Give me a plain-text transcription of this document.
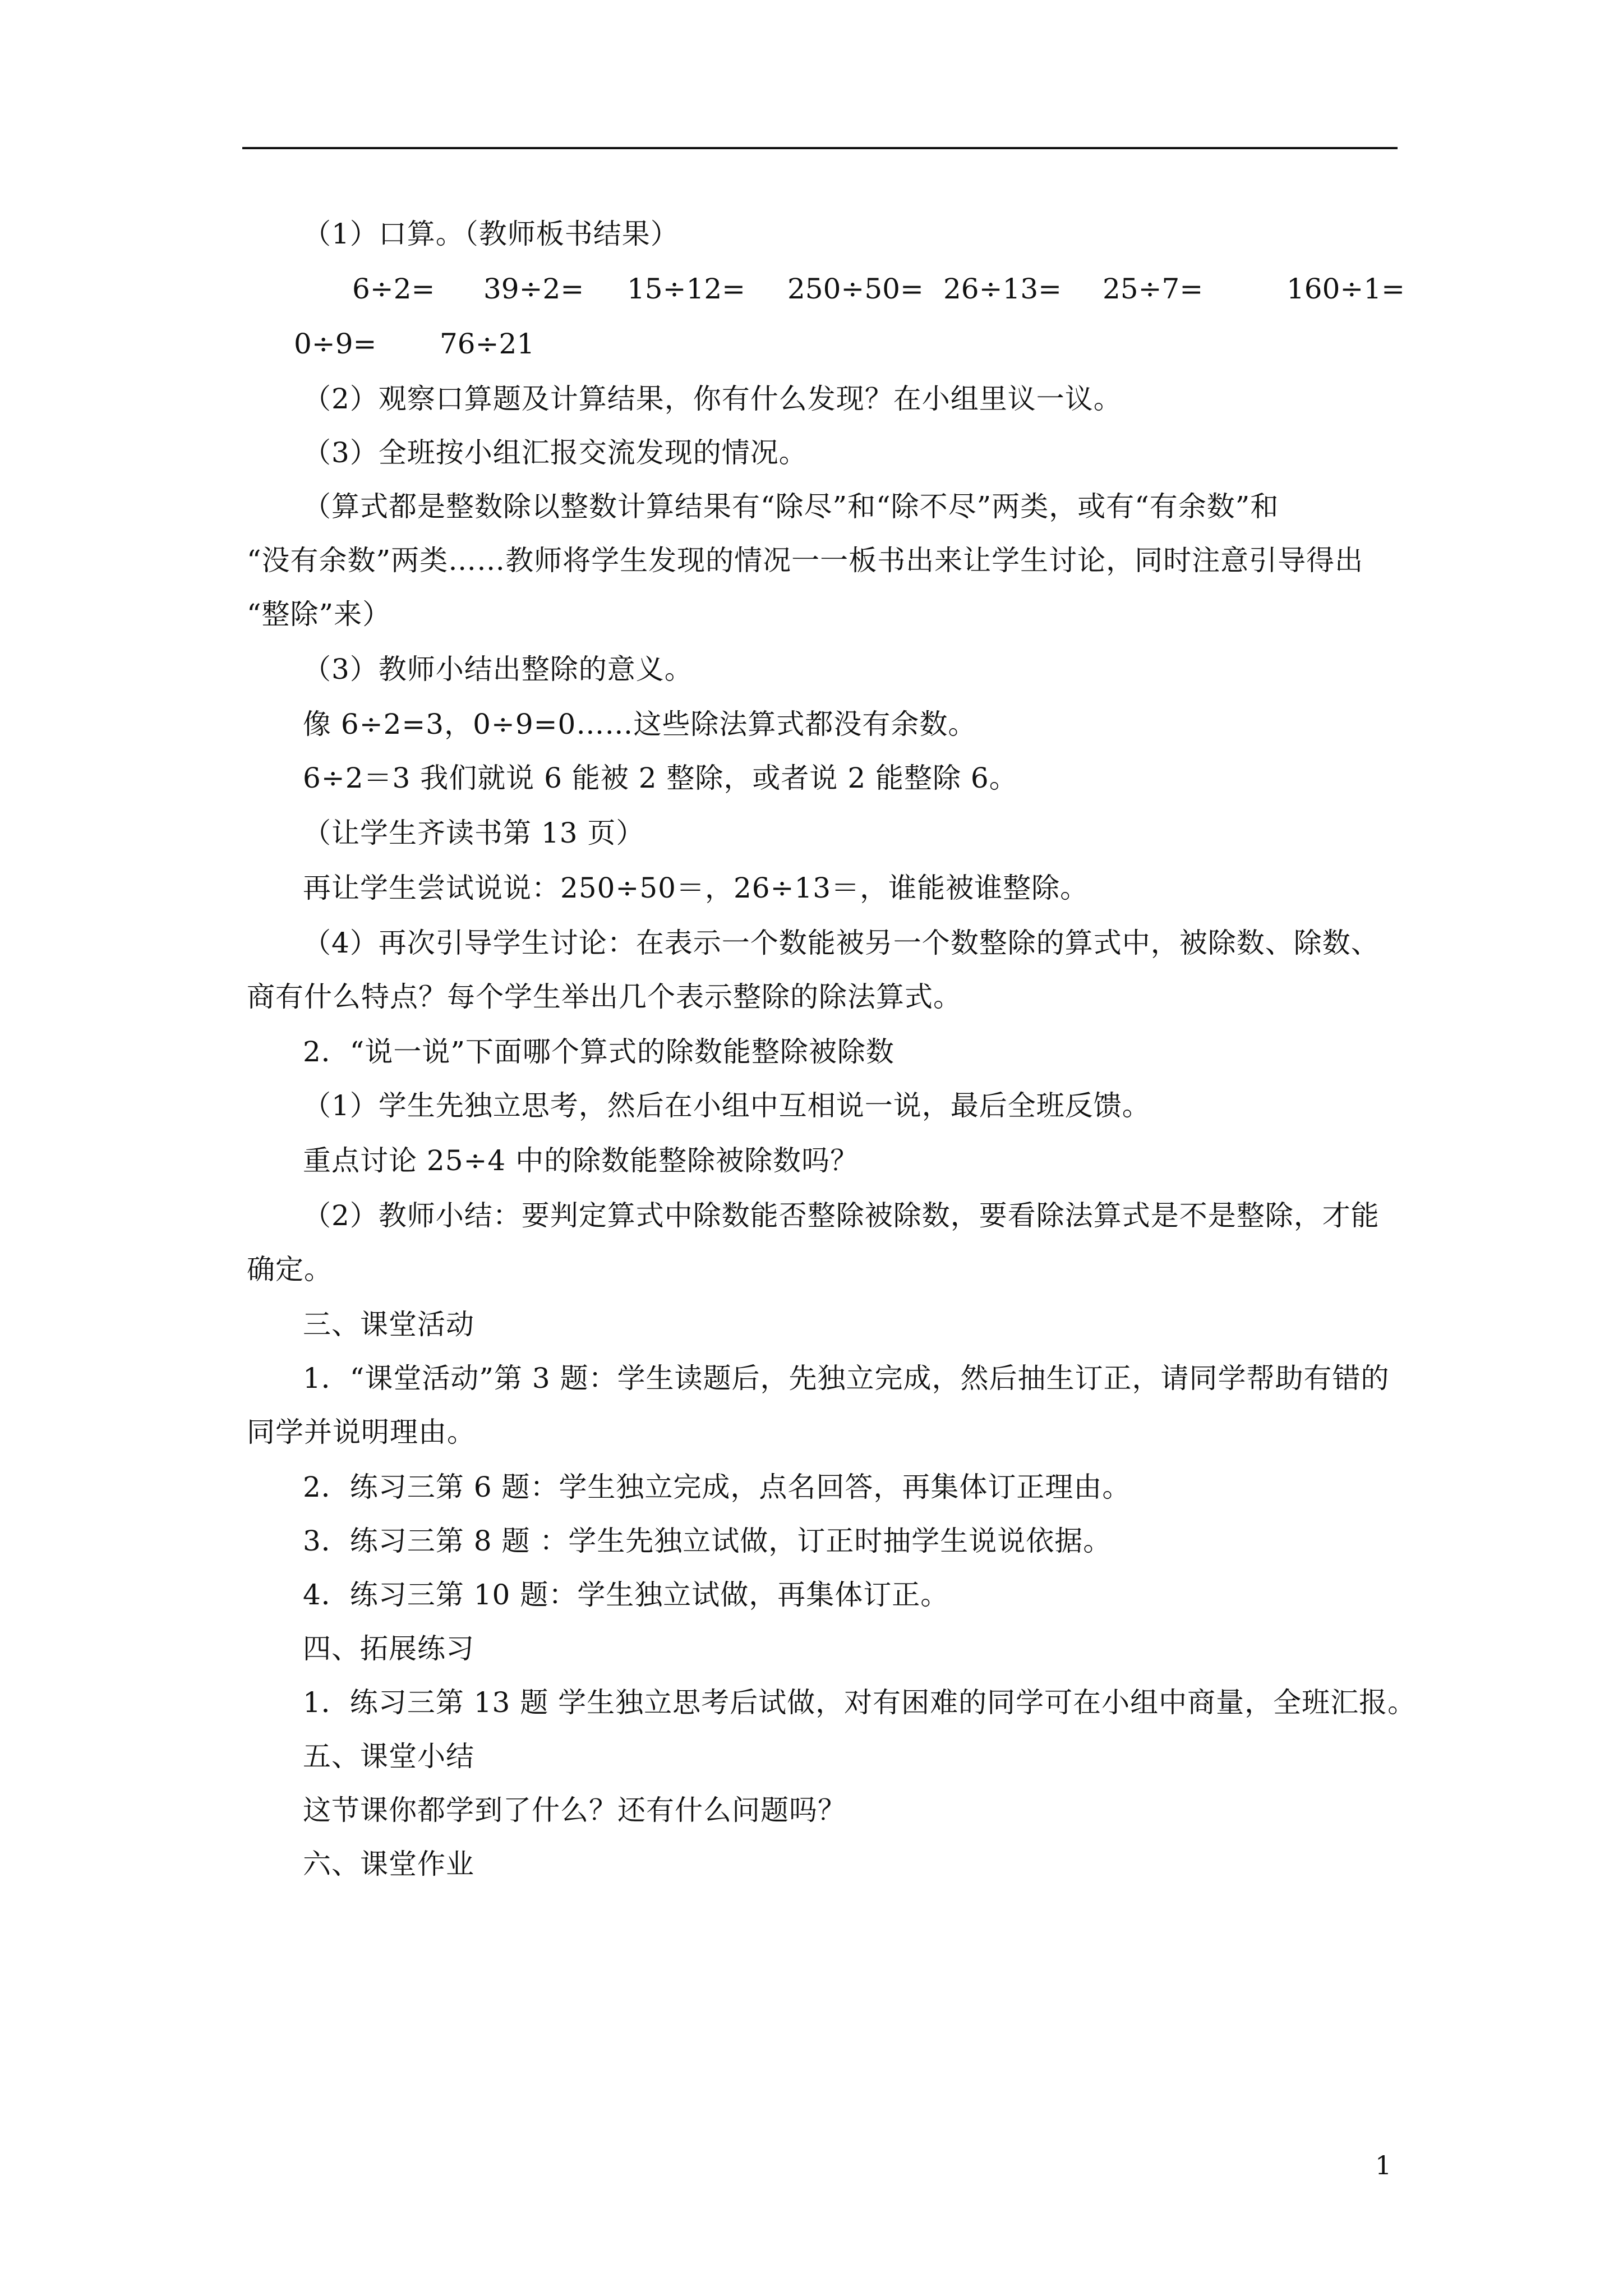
（1）口算。（教师板书结果）
6÷2= 39÷2= 15÷12= 250÷50= 26÷13= 25÷7=	160÷1=
0÷9= 76÷21
（2）观察口算题及计算结果，你有什么发现？在小组里议一议。
（3）全班按小组汇报交流发现的情况。
（算式都是整数除以整数计算结果有“除尽”和“除不尽”两类，或有“有余数”和
“没有余数”两类……教师将学生发现的情况一一板书出来让学生讨论，同时注意引导得出
“整除”来）
（3）教师小结出整除的意义。
像 6÷2=3，0÷9=0……这些除法算式都没有余数。
6÷2＝3 我们就说 6 能被 2 整除，或者说 2 能整除 6。
（让学生齐读书第 13 页）
再让学生尝试说说：250÷50＝，26÷13＝，谁能被谁整除。
（4）再次引导学生讨论：在表示一个数能被另一个数整除的算式中，被除数、除数、
商有什么特点？每个学生举出几个表示整除的除法算式。
2．“说一说”下面哪个算式的除数能整除被除数
（1）学生先独立思考，然后在小组中互相说一说，最后全班反馈。
重点讨论 25÷4 中的除数能整除被除数吗？
（2）教师小结：要判定算式中除数能否整除被除数，要看除法算式是不是整除，才能
确定。
三、课堂活动
1．“课堂活动”第 3 题：学生读题后，先独立完成，然后抽生订正，请同学帮助有错的
同学并说明理由。
2．练习三第 6 题：学生独立完成，点名回答，再集体订正理由。
3．练习三第 8 题 ：学生先独立试做，订正时抽学生说说依据。
4．练习三第 10 题：学生独立试做，再集体订正。
四、拓展练习
1．练习三第 13 题 学生独立思考后试做，对有困难的同学可在小组中商量，全班汇报。
五、课堂小结
这节课你都学到了什么？还有什么问题吗？
六、课堂作业
1
